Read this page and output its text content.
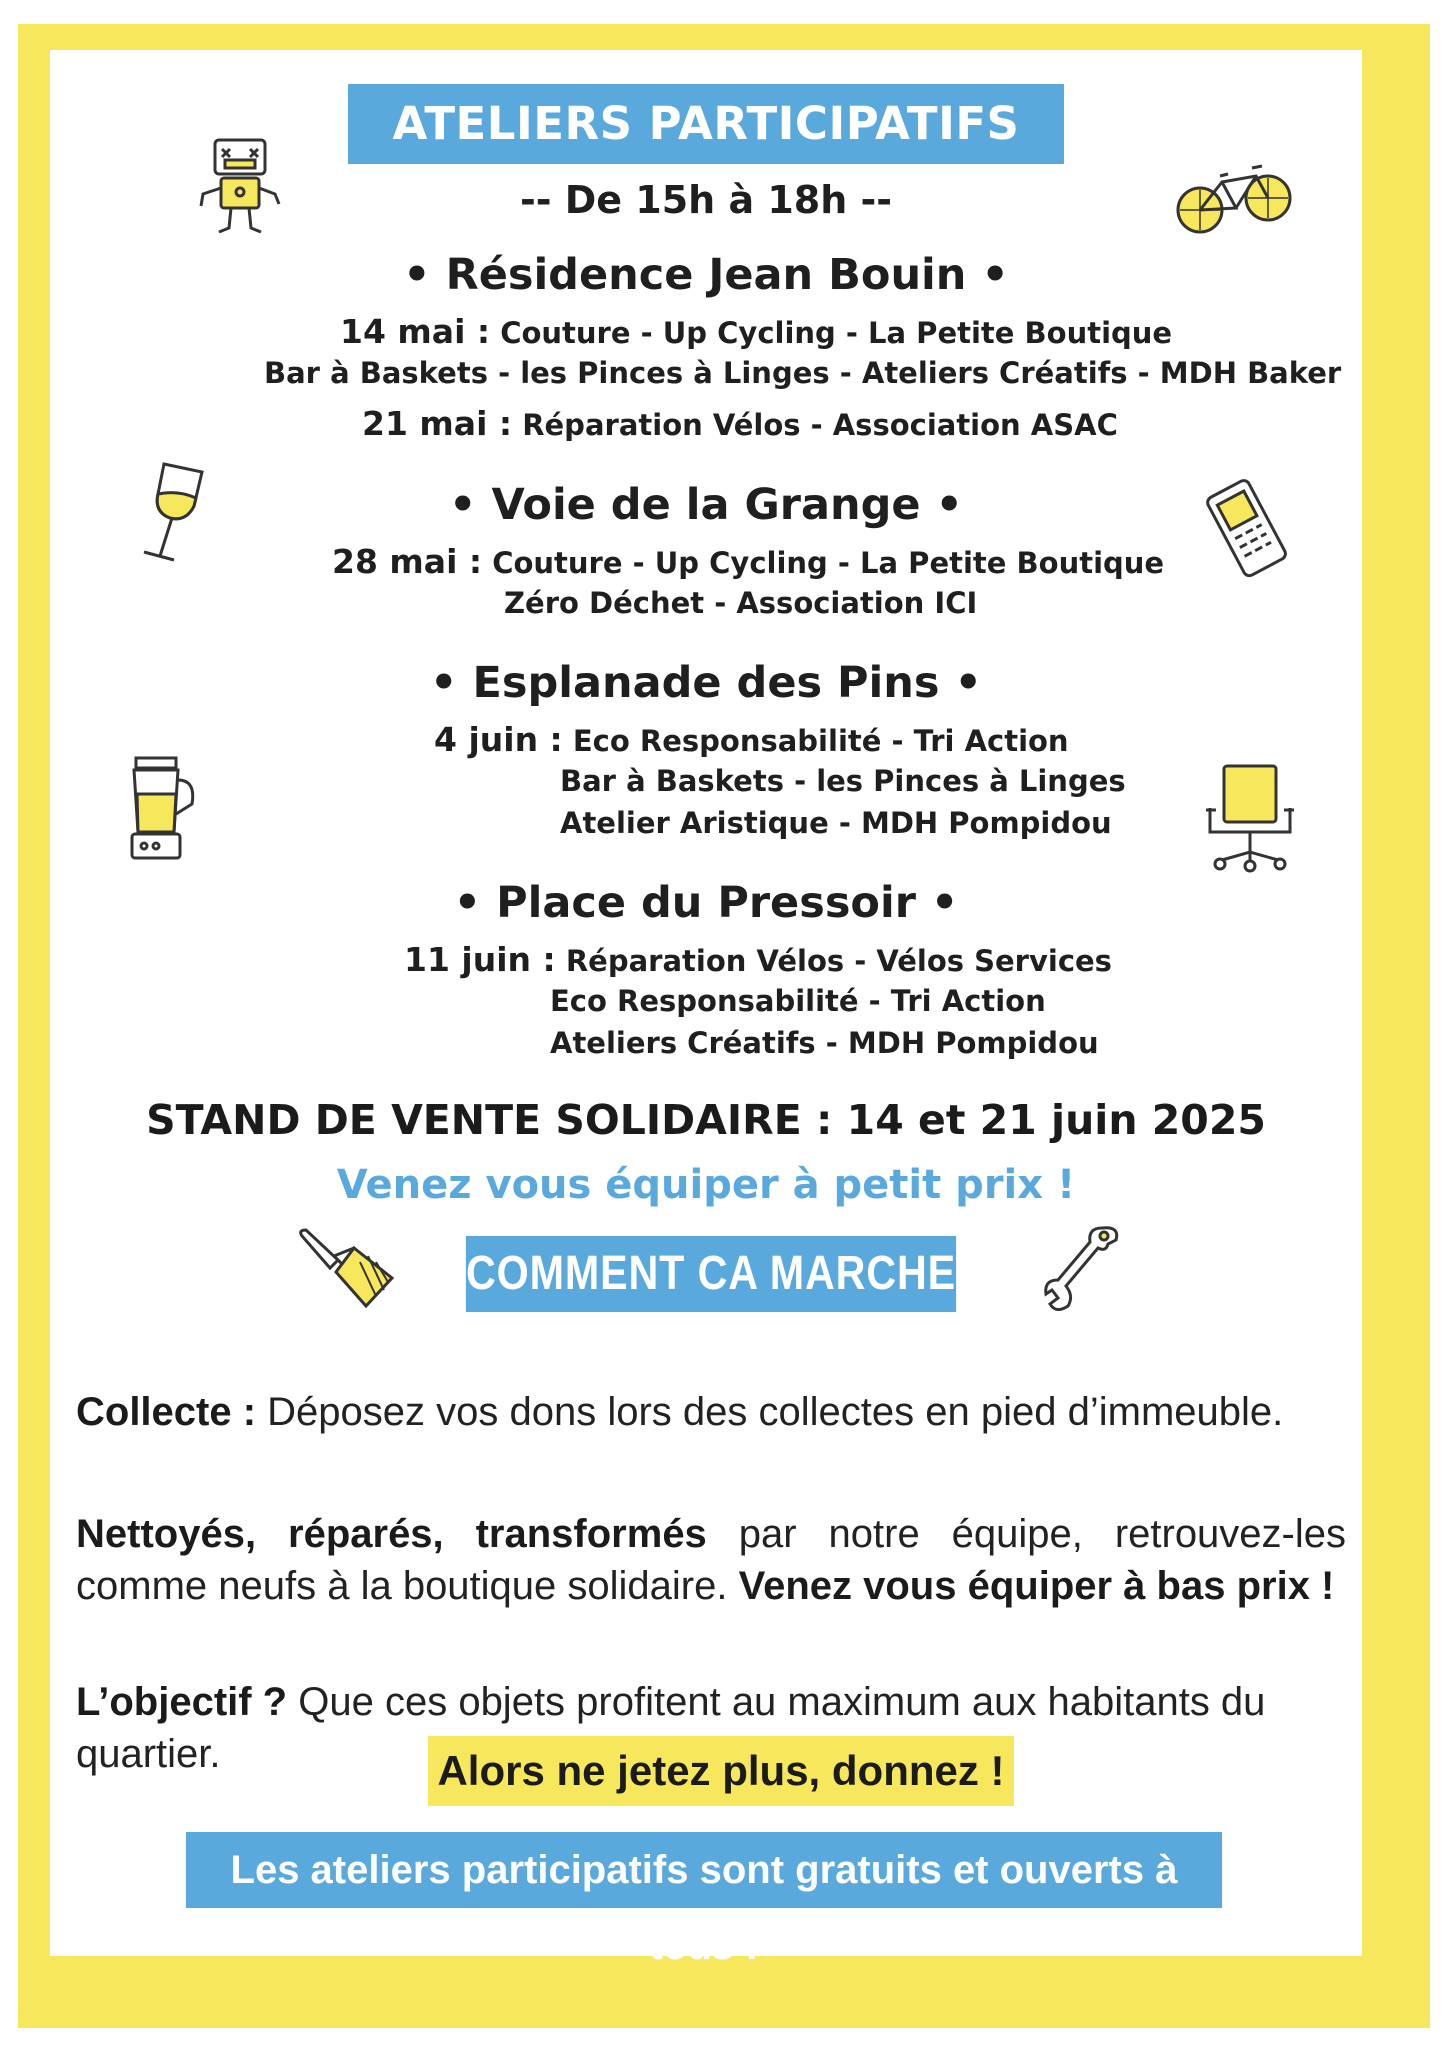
ATELIERS PARTICIPATIFS
-- De 15h à 18h --
• Résidence Jean Bouin •
14 mai : Couture - Up Cycling - La Petite Boutique
Bar à Baskets - les Pinces à Linges - Ateliers Créatifs - MDH Baker
21 mai : Réparation Vélos - Association ASAC
• Voie de la Grange •
28 mai : Couture - Up Cycling - La Petite Boutique
Zéro Déchet - Association ICI
• Esplanade des Pins •
4 juin : Eco Responsabilité - Tri Action
Bar à Baskets - les Pinces à Linges
Atelier Aristique - MDH Pompidou
• Place du Pressoir •
11 juin : Réparation Vélos - Vélos Services
Eco Responsabilité - Tri Action
Ateliers Créatifs - MDH Pompidou
STAND DE VENTE SOLIDAIRE : 14 et 21 juin 2025
Venez vous équiper à petit prix !
COMMENT CA MARCHE ?
Collecte : Déposez vos dons lors des collectes en pied d’immeuble.
Nettoyés, réparés, transformés par notre équipe, retrouvez-les comme neufs à la boutique solidaire. Venez vous équiper à bas prix !
L’objectif ? Que ces objets profitent au maximum aux habitants du quartier.	Alors ne jetez plus, donnez !
Les ateliers participatifs sont gratuits et ouverts à tous !
